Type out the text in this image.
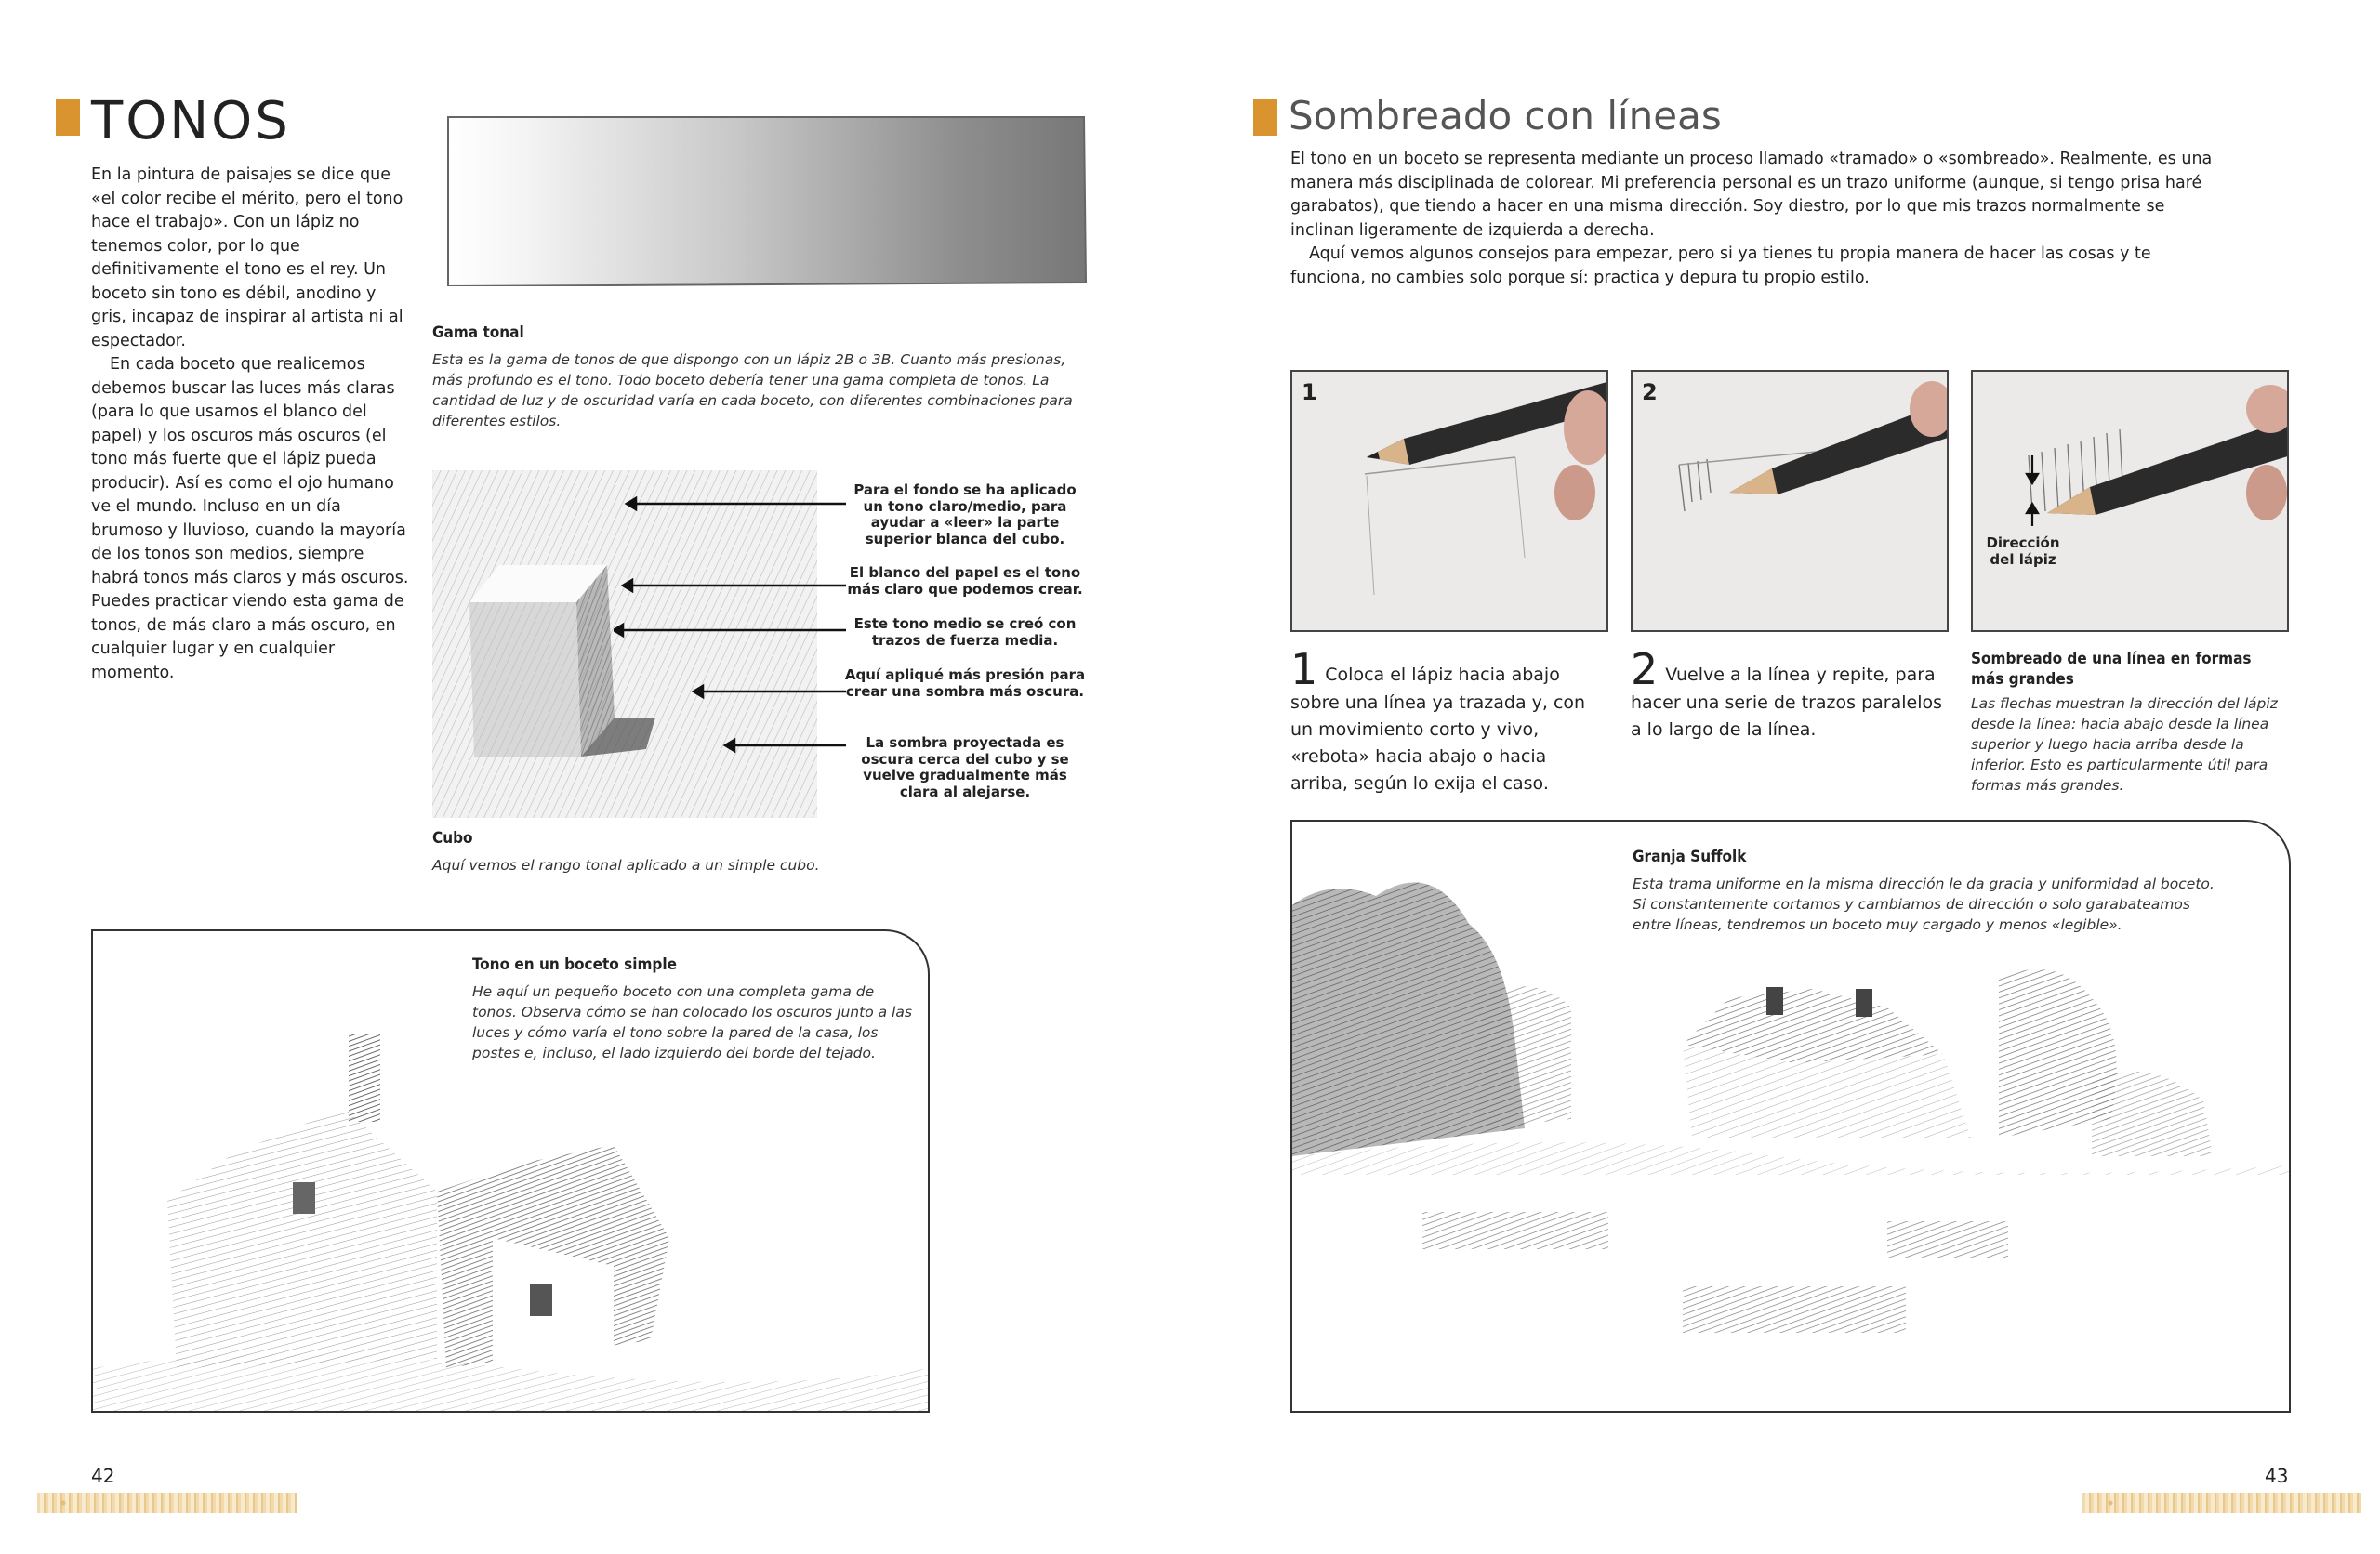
TONOS

En la pintura de paisajes se dice que «el color recibe el mérito, pero el tono hace el trabajo». Con un lápiz no tenemos color, por lo que definitivamente el tono es el rey. Un boceto sin tono es débil, anodino y gris, incapaz de inspirar al artista ni al espectador.

En cada boceto que realicemos debemos buscar las luces más claras (para lo que usamos el blanco del papel) y los oscuros más oscuros (el tono más fuerte que el lápiz pueda producir). Así es como el ojo humano ve el mundo. Incluso en un día brumoso y lluvioso, cuando la mayoría de los tonos son medios, siempre habrá tonos más claros y más oscuros. Puedes practicar viendo esta gama de tonos, de más claro a más oscuro, en cualquier lugar y en cualquier momento.

Gama tonal
Esta es la gama de tonos de que dispongo con un lápiz 2B o 3B. Cuanto más presionas, más profundo es el tono. Todo boceto debería tener una gama completa de tonos. La cantidad de luz y de oscuridad varía en cada boceto, con diferentes combinaciones para diferentes estilos.
Para el fondo se ha aplicado un tono claro/medio, para ayudar a «leer» la parte superior blanca del cubo.
El blanco del papel es el tono más claro que podemos crear.
Este tono medio se creó con trazos de fuerza media.
Aquí apliqué más presión para crear una sombra más oscura.
La sombra proyectada es oscura cerca del cubo y se vuelve gradualmente más clara al alejarse.
Cubo
Aquí vemos el rango tonal aplicado a un simple cubo.
Tono en un boceto simple
He aquí un pequeño boceto con una completa gama de tonos. Observa cómo se han colocado los oscuros junto a las luces y cómo varía el tono sobre la pared de la casa, los postes e, incluso, el lado izquierdo del borde del tejado.
42
Sombreado con líneas

El tono en un boceto se representa mediante un proceso llamado «tramado» o «sombreado». Realmente, es una manera más disciplinada de colorear. Mi preferencia personal es un trazo uniforme (aunque, si tengo prisa haré garabatos), que tiendo a hacer en una misma dirección. Soy diestro, por lo que mis trazos normalmente se inclinan ligeramente de izquierda a derecha.

Aquí vemos algunos consejos para empezar, pero si ya tienes tu propia manera de hacer las cosas y te funciona, no cambies solo porque sí: practica y depura tu propio estilo.

1	2
Dirección del lápiz
1 Coloca el lápiz hacia abajo sobre una línea ya trazada y, con un movimiento corto y vivo, «rebota» hacia abajo o hacia arriba, según lo exija el caso.
2 Vuelve a la línea y repite, para hacer una serie de trazos paralelos a lo largo de la línea.
Sombreado de una línea en formas más grandes
Las flechas muestran la dirección del lápiz desde la línea: hacia abajo desde la línea superior y luego hacia arriba desde la inferior. Esto es particularmente útil para formas más grandes.
Granja Suffolk
Esta trama uniforme en la misma dirección le da gracia y uniformidad al boceto. Si constantemente cortamos y cambiamos de dirección o solo garabateamos entre líneas, tendremos un boceto muy cargado y menos «legible».
43
